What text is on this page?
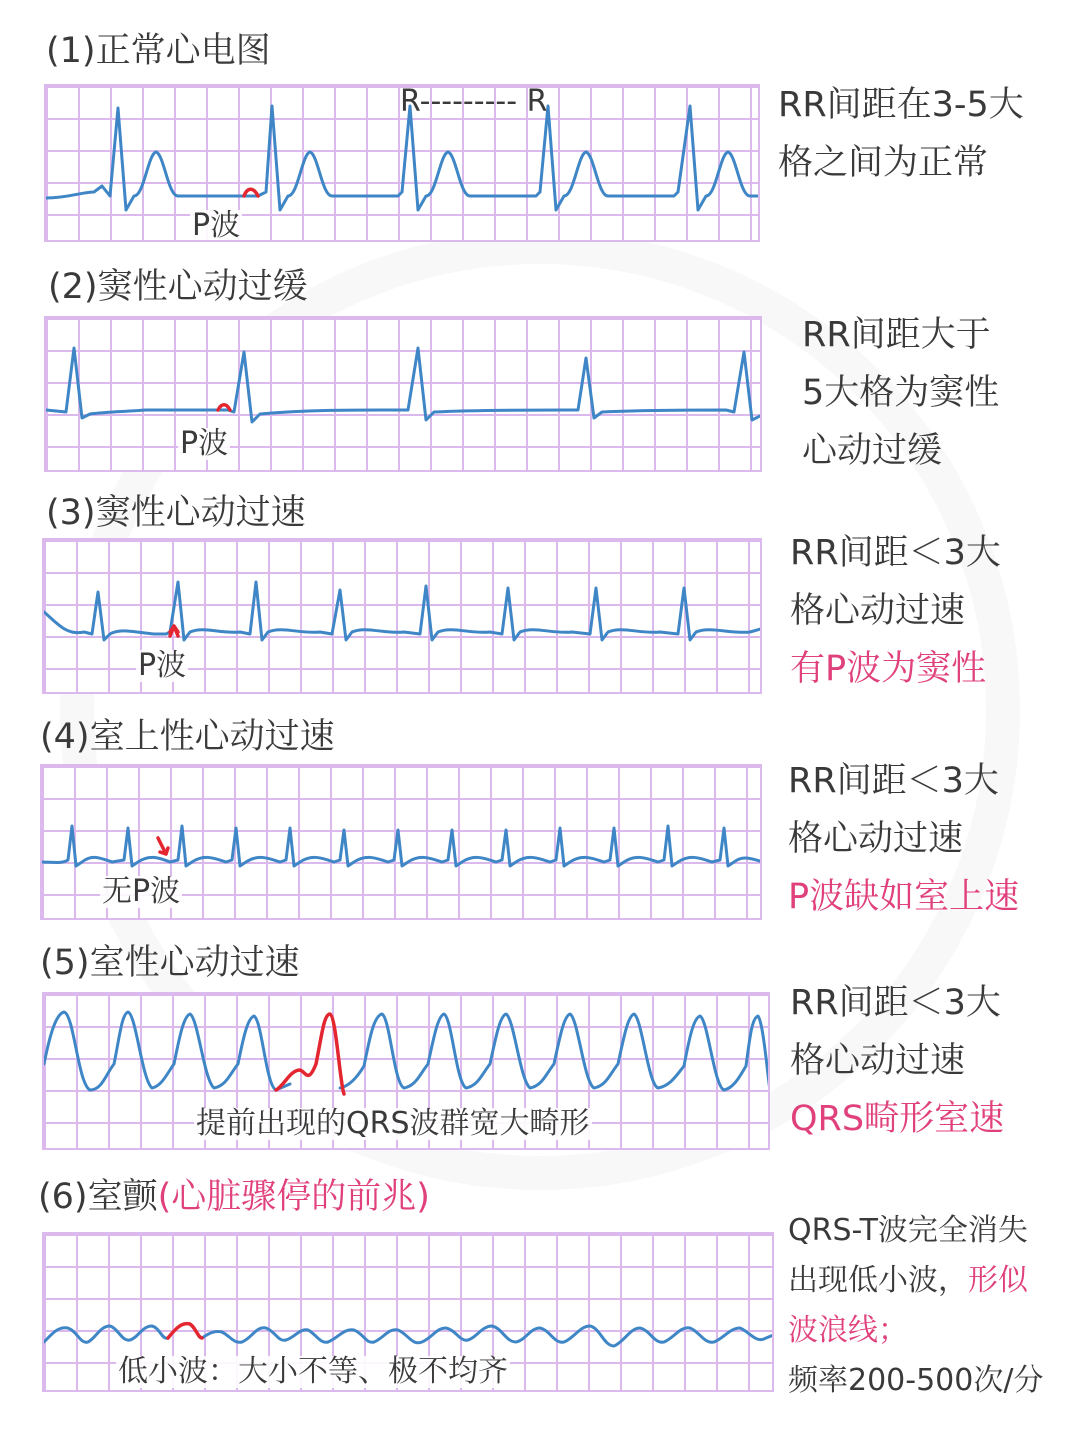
(1)正常心电图
P波
R--------- R	RR间距在3-5大
格之间为正常
(2)窦性心动过缓
P波
RR间距大于
5大格为窦性
心动过缓
(3)窦性心动过速
P波
RR间距＜3大
格心动过速
有P波为窦性
(4)室上性心动过速
无P波
RR间距＜3大
格心动过速
P波缺如室上速
(5)室性心动过速
提前出现的QRS波群宽大畸形
RR间距＜3大
格心动过速
QRS畸形室速
(6)室颤(心脏骤停的前兆)
低小波：大小不等、极不均齐
QRS-T波完全消失
出现低小波，形似
波浪线；
频率200-500次/分
